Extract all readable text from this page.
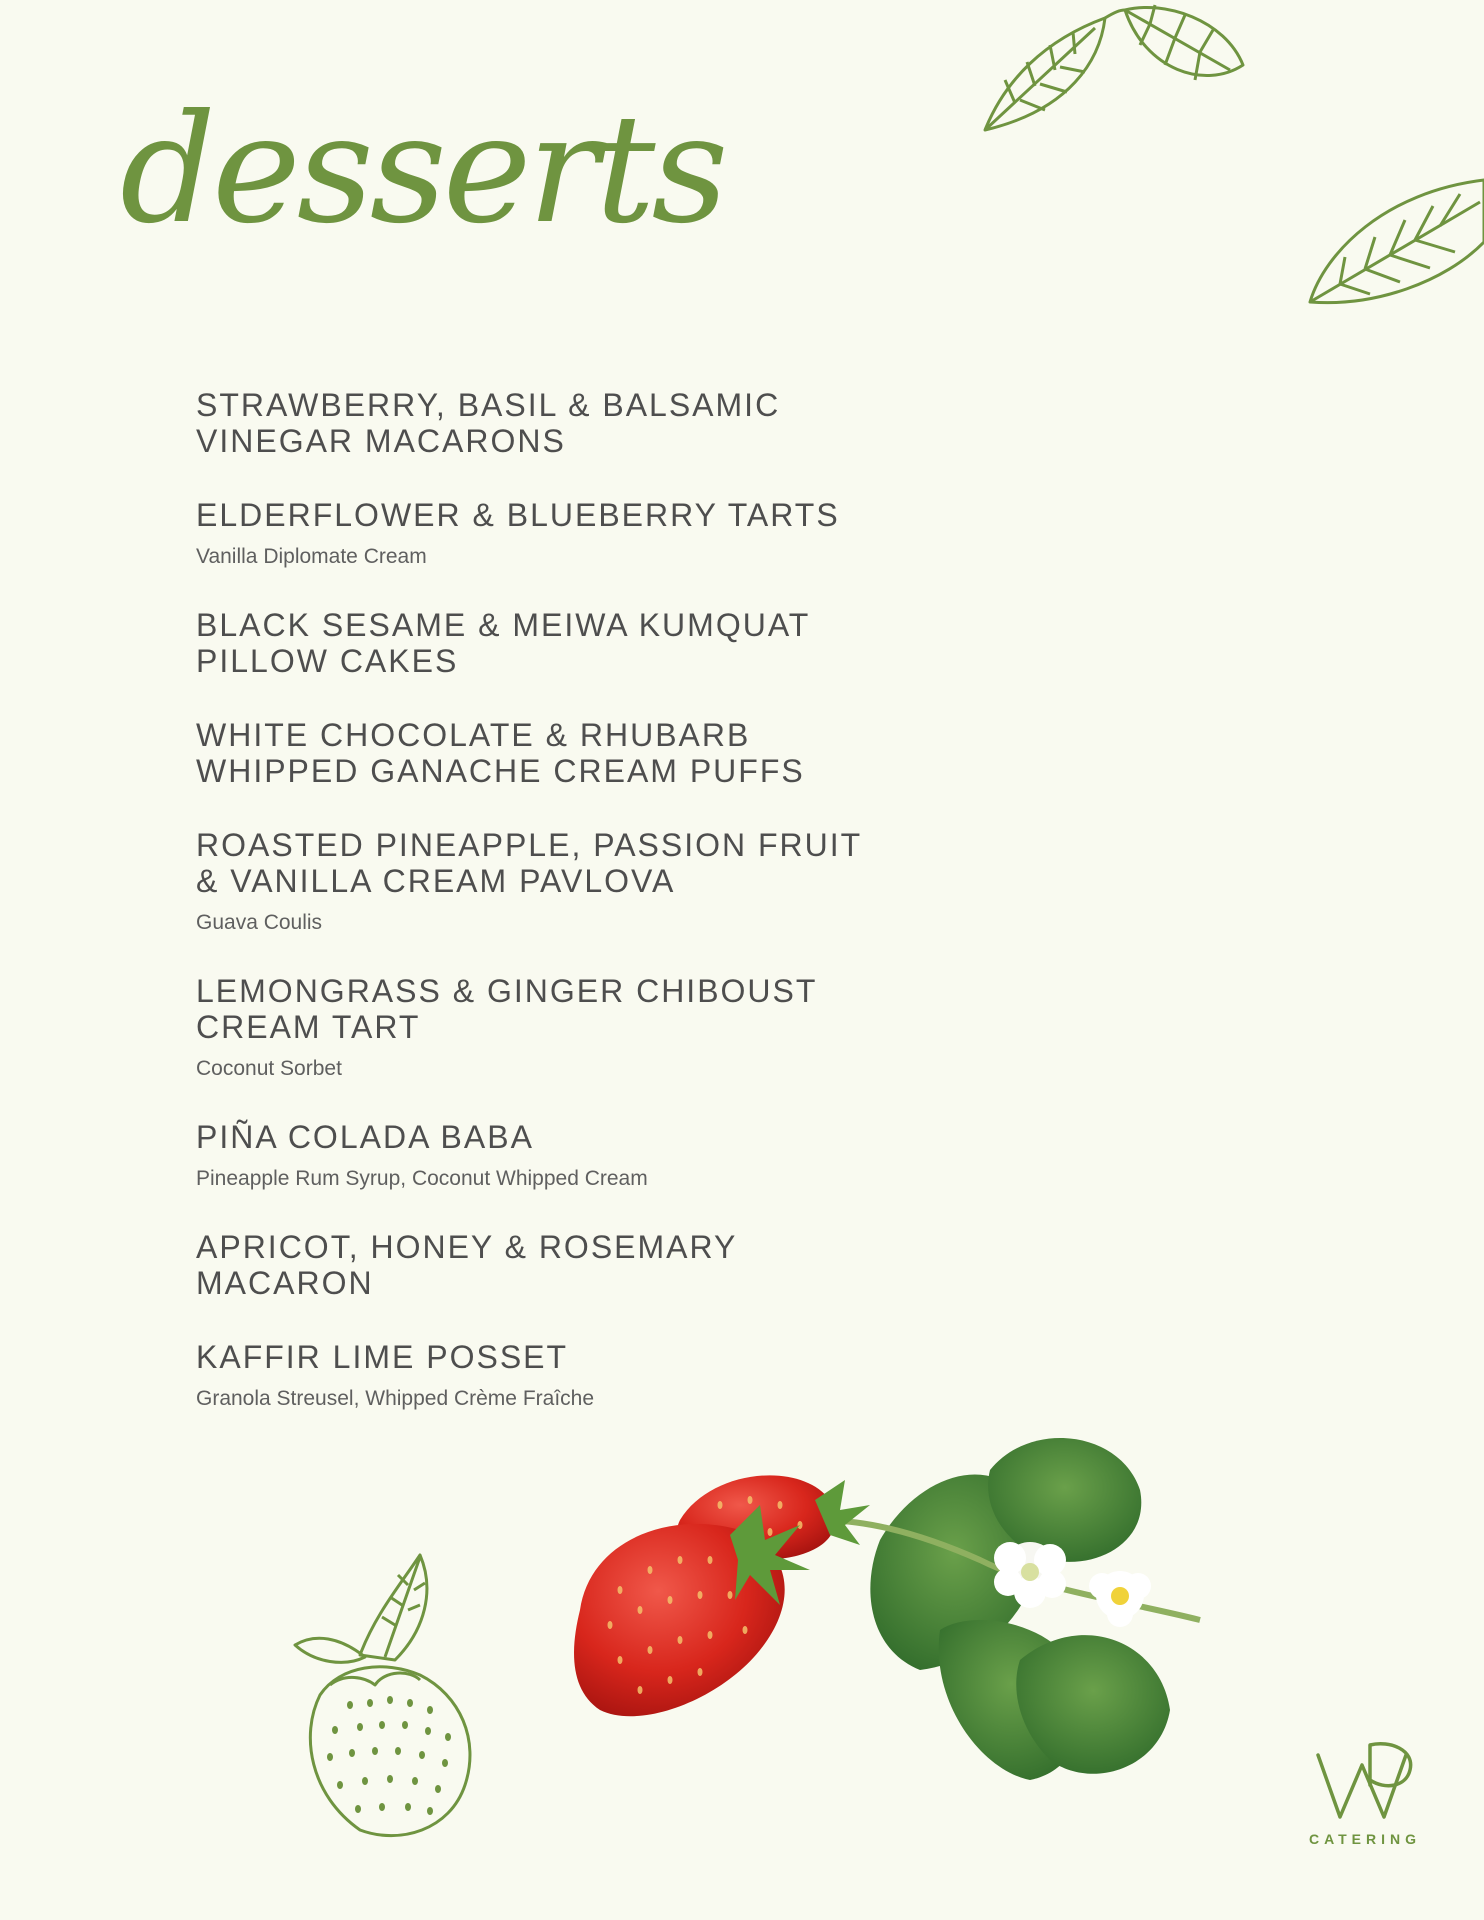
desserts
STRAWBERRY, BASIL & BALSAMIC
VINEGAR MACARONS
ELDERFLOWER & BLUEBERRY TARTS
Vanilla Diplomate Cream
BLACK SESAME & MEIWA KUMQUAT
PILLOW CAKES
WHITE CHOCOLATE & RHUBARB
WHIPPED GANACHE CREAM PUFFS
ROASTED PINEAPPLE, PASSION FRUIT
& VANILLA CREAM PAVLOVA
Guava Coulis
LEMONGRASS & GINGER CHIBOUST
CREAM TART
Coconut Sorbet
PIÑA COLADA BABA
Pineapple Rum Syrup, Coconut Whipped Cream
APRICOT, HONEY & ROSEMARY
MACARON
KAFFIR LIME POSSET
Granola Streusel, Whipped Crème Fraîche
CATERING
